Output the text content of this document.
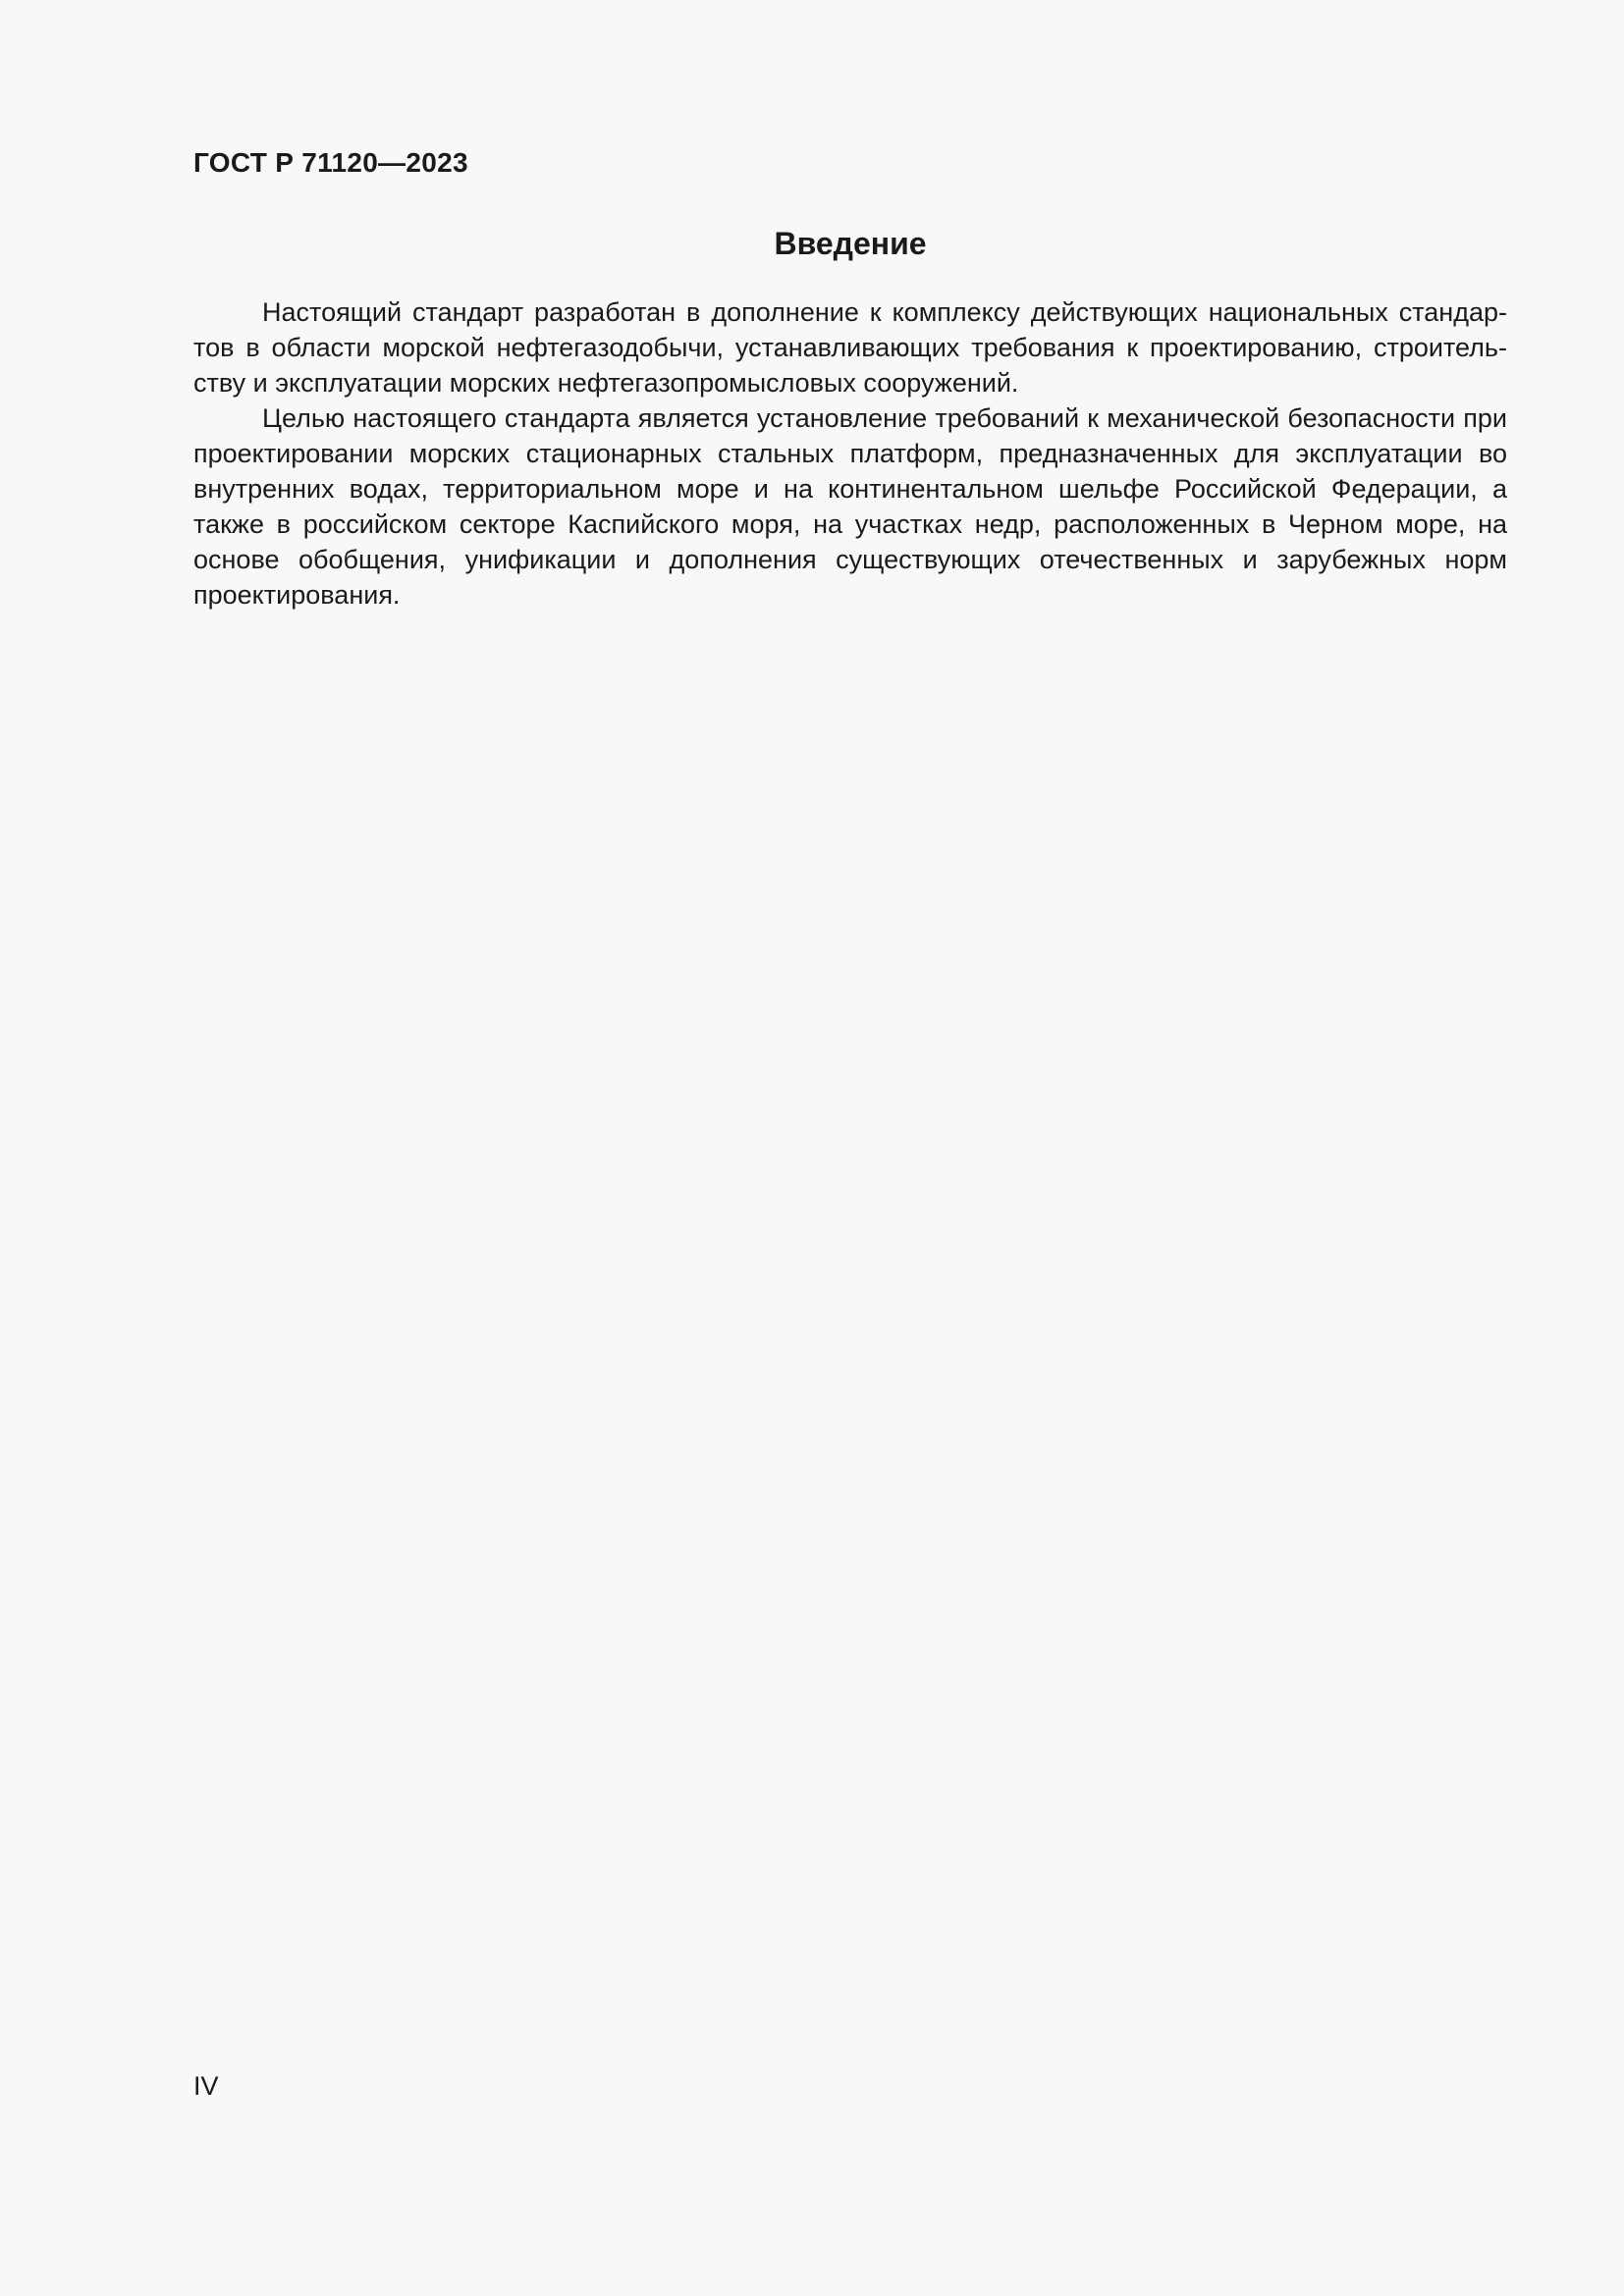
ГОСТ Р 71120—2023

Введение

Настоящий стандарт разработан в дополнение к комплексу действующих национальных стандартов в области морской нефтегазодобычи, устанавливающих требования к проектированию, строительству и эксплуатации морских нефтегазопромысловых сооружений.

Целью настоящего стандарта является установление требований к механической безопасности при проектировании морских стационарных стальных платформ, предназначенных для эксплуатации во внутренних водах, территориальном море и на континентальном шельфе Российской Федерации, а также в российском секторе Каспийского моря, на участках недр, расположенных в Черном море, на основе обобщения, унификации и дополнения существующих отечественных и зарубежных норм проектирования.

IV
